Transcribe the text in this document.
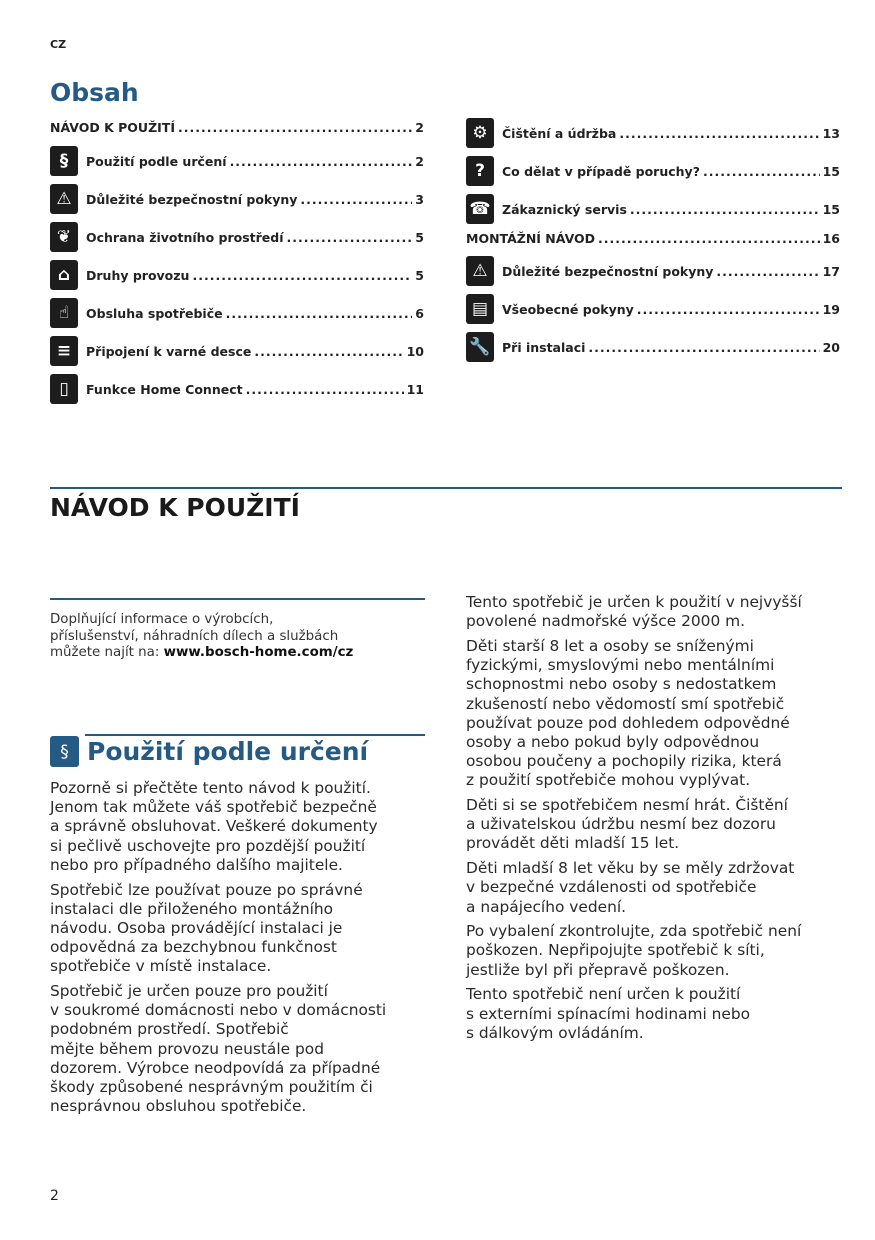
CZ
Obsah
NÁVOD K POUŽITÍ .....	2
§	Použití podle určení .....	2
⚠	Důležité bezpečnostní pokyny .....	3
❦	Ochrana životního prostředí .....	5
⌂	Druhy provozu .....	5
☝	Obsluha spotřebiče .....	6
≡	Připojení k varné desce .....	10
▯	Funkce Home Connect .....	11
⚙	Čištění a údržba .....	13
?	Co dělat v případě poruchy? .....	15
☎ Zákaznický servis .....	15
MONTÁŽNÍ NÁVOD .....	16
⚠	Důležité bezpečnostní pokyny .....	17
▤	Všeobecné pokyny .....	19
🔧 Při instalaci .....	20
NÁVOD K POUŽITÍ
Doplňující informace o výrobcích,
příslušenství, náhradních dílech a službách
můžete najít na: www.bosch-home.com/cz
§ Použití podle určení

Pozorně si přečtěte tento návod k použití.
Jenom tak můžete váš spotřebič bezpečně
a správně obsluhovat. Veškeré dokumenty
si pečlivě uschovejte pro pozdější použití
nebo pro případného dalšího majitele.

Spotřebič lze používat pouze po správné
instalaci dle přiloženého montážního
návodu. Osoba provádějící instalaci je
odpovědná za bezchybnou funkčnost
spotřebiče v místě instalace.

Spotřebič je určen pouze pro použití
v soukromé domácnosti nebo v domácnosti
podobném prostředí. Spotřebič
mějte během provozu neustále pod
dozorem. Výrobce neodpovídá za případné
škody způsobené nesprávným použitím či
nesprávnou obsluhou spotřebiče.

Tento spotřebič je určen k použití v nejvyšší
povolené nadmořské výšce 2000 m.

Děti starší 8 let a osoby se sníženými
fyzickými, smyslovými nebo mentálními
schopnostmi nebo osoby s nedostatkem
zkušeností nebo vědomostí smí spotřebič
používat pouze pod dohledem odpovědné
osoby a nebo pokud byly odpovědnou
osobou poučeny a pochopily rizika, která
z použití spotřebiče mohou vyplývat.

Děti si se spotřebičem nesmí hrát. Čištění
a uživatelskou údržbu nesmí bez dozoru
provádět děti mladší 15 let.

Děti mladší 8 let věku by se měly zdržovat
v bezpečné vzdálenosti od spotřebiče
a napájecího vedení.

Po vybalení zkontrolujte, zda spotřebič není
poškozen. Nepřipojujte spotřebič k síti,
jestliže byl při přepravě poškozen.

Tento spotřebič není určen k použití
s externími spínacími hodinami nebo
s dálkovým ovládáním.

2
